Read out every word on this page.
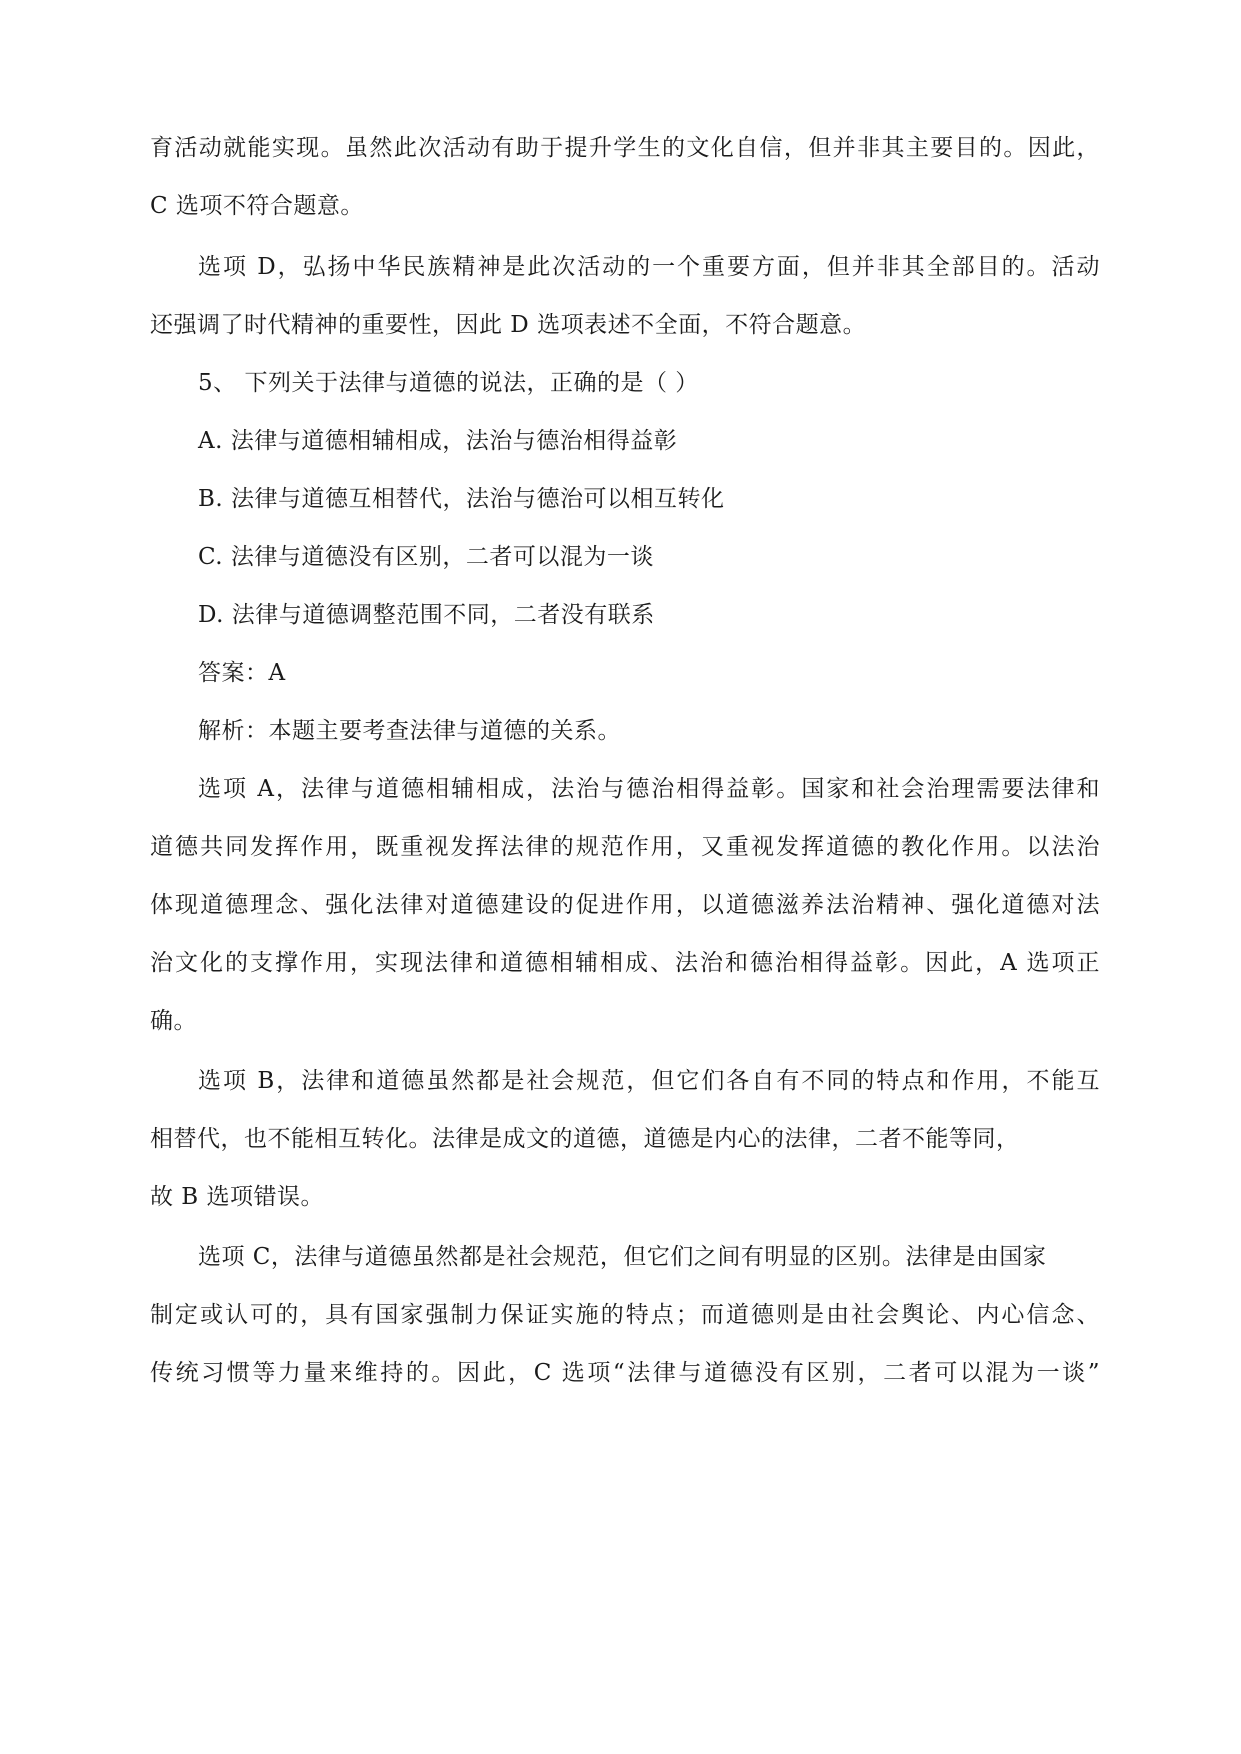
育活动就能实现。虽然此次活动有助于提升学生的文化自信，但并非其主要目的。因此，
C 选项不符合题意。
选项 D，弘扬中华民族精神是此次活动的一个重要方面，但并非其全部目的。活动
还强调了时代精神的重要性，因此 D 选项表述不全面，不符合题意。
5、 下列关于法律与道德的说法，正确的是（ ）
A. 法律与道德相辅相成，法治与德治相得益彰
B. 法律与道德互相替代，法治与德治可以相互转化
C. 法律与道德没有区别，二者可以混为一谈
D. 法律与道德调整范围不同，二者没有联系
答案：A
解析：本题主要考查法律与道德的关系。
选项 A，法律与道德相辅相成，法治与德治相得益彰。国家和社会治理需要法律和
道德共同发挥作用，既重视发挥法律的规范作用，又重视发挥道德的教化作用。以法治
体现道德理念、强化法律对道德建设的促进作用，以道德滋养法治精神、强化道德对法
治文化的支撑作用，实现法律和道德相辅相成、法治和德治相得益彰。因此，A 选项正
确。
选项 B，法律和道德虽然都是社会规范，但它们各自有不同的特点和作用，不能互
相替代，也不能相互转化。法律是成文的道德，道德是内心的法律，二者不能等同，
故 B 选项错误。
选项 C，法律与道德虽然都是社会规范，但它们之间有明显的区别。法律是由国家
制定或认可的，具有国家强制力保证实施的特点；而道德则是由社会舆论、内心信念、
传统习惯等力量来维持的。因此，C 选项“法律与道德没有区别，二者可以混为一谈”
